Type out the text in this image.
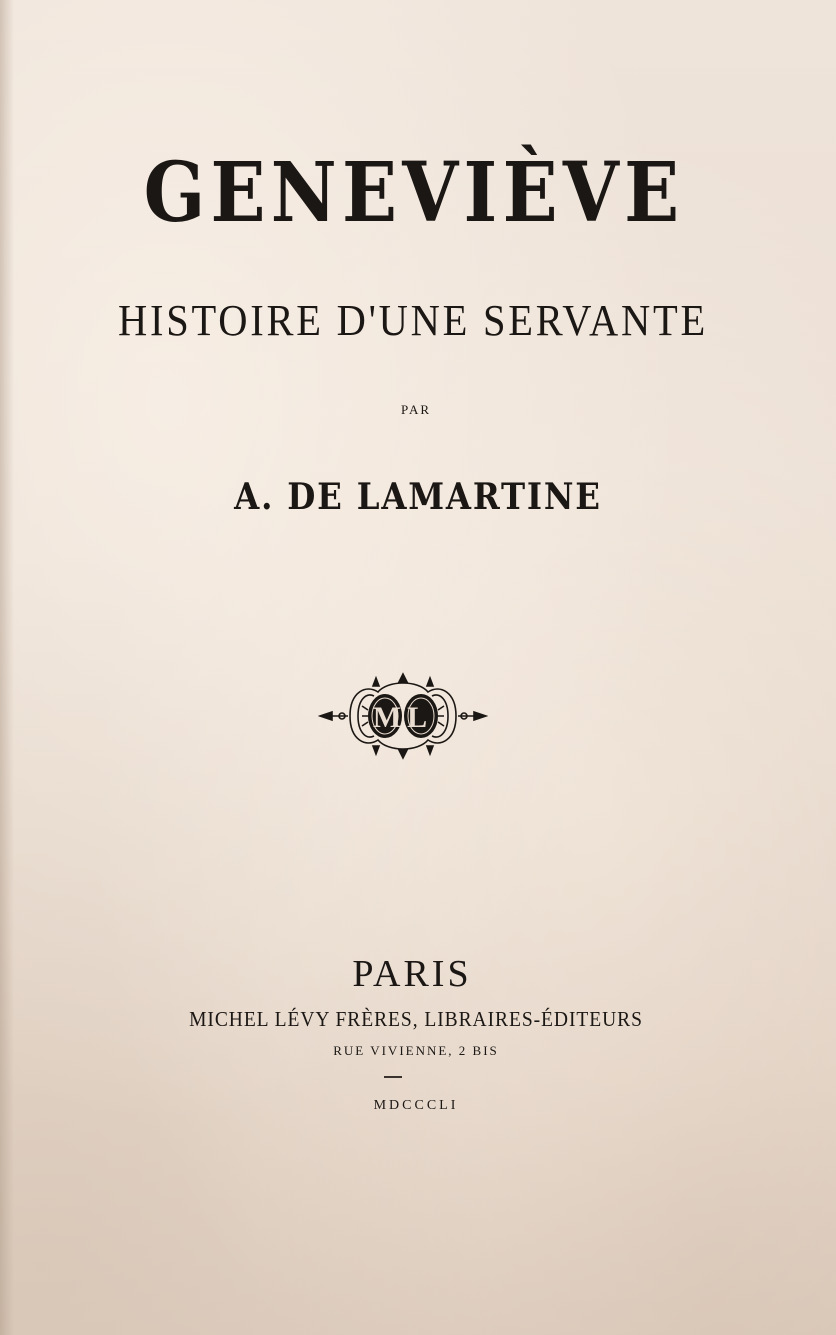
GENEVIÈVE
HISTOIRE D'UNE SERVANTE
PAR
A. DE LAMARTINE
ML
PARIS
MICHEL LÉVY FRÈRES, LIBRAIRES-ÉDITEURS
RUE VIVIENNE, 2 BIS
MDCCCLI
